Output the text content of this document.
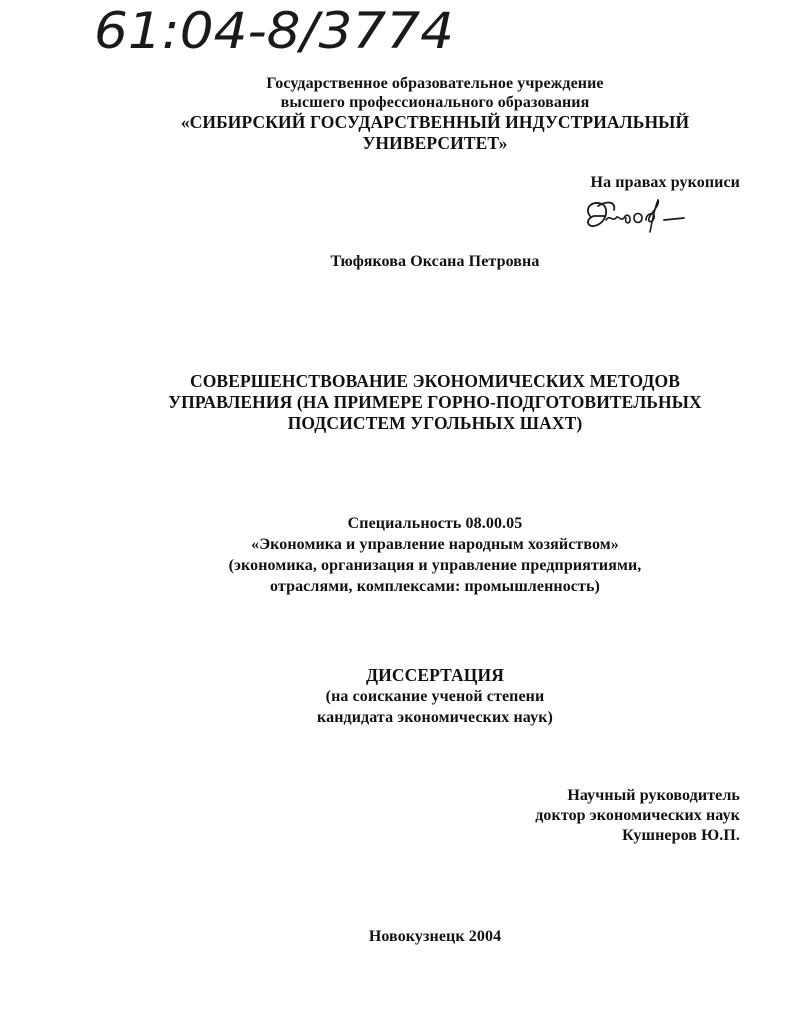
61:04-8/3774
Государственное образовательное учреждение
высшего профессионального образования
«СИБИРСКИЙ ГОСУДАРСТВЕННЫЙ ИНДУСТРИАЛЬНЫЙ
УНИВЕРСИТЕТ»
На правах рукописи
Тюфякова Оксана Петровна
СОВЕРШЕНСТВОВАНИЕ ЭКОНОМИЧЕСКИХ МЕТОДОВ
УПРАВЛЕНИЯ (НА ПРИМЕРЕ ГОРНО-ПОДГОТОВИТЕЛЬНЫХ
ПОДСИСТЕМ УГОЛЬНЫХ ШАХТ)
Специальность 08.00.05
«Экономика и управление народным хозяйством»
(экономика, организация и управление предприятиями,
отраслями, комплексами: промышленность)
ДИССЕРТАЦИЯ
(на соискание ученой степени
кандидата экономических наук)
Научный руководитель
доктор экономических наук
Кушнеров Ю.П.
Новокузнецк 2004
